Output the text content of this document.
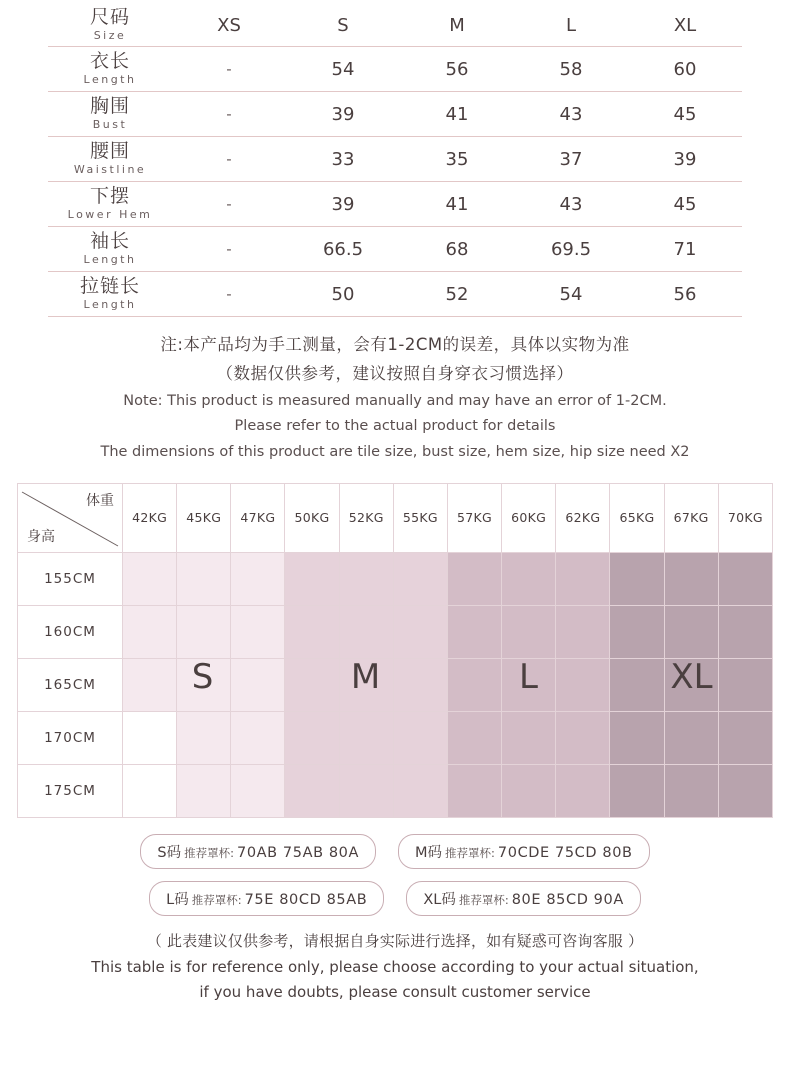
尺码
Size	XS	S	M	L	XL

衣长
Length	-	54	56	58	60

胸围
Bust	-	39	41	43	45

腰围
Waistline	-	33	35	37	39

下摆
Lower Hem	-	39	41	43	45

袖长
Length	-	66.5	68	69.5	71

拉链长
Length	-	50	52	54	56
注:本产品均为手工测量，会有1-2CM的误差，具体以实物为准
（数据仅供参考，建议按照自身穿衣习惯选择）
Note: This product is measured manually and may have an error of 1-2CM.
Please refer to the actual product for details
The dimensions of this product are tile size, bust size, hem size, hip size need X2
体重
身高	42KG	45KG	47KG	50KG	52KG	55KG	57KG	60KG	62KG	65KG	67KG	70KG
155CM												
160CM												
165CM												
170CM												
175CM												
S	M	L	XL
S码 推荐罩杯: 70AB 75AB 80A	M码 推荐罩杯: 70CDE 75CD 80B
L码 推荐罩杯: 75E 80CD 85AB	XL码 推荐罩杯: 80E 85CD 90A
（ 此表建议仅供参考，请根据自身实际进行选择，如有疑惑可咨询客服 ）
This table is for reference only, please choose according to your actual situation,
if you have doubts, please consult customer service
